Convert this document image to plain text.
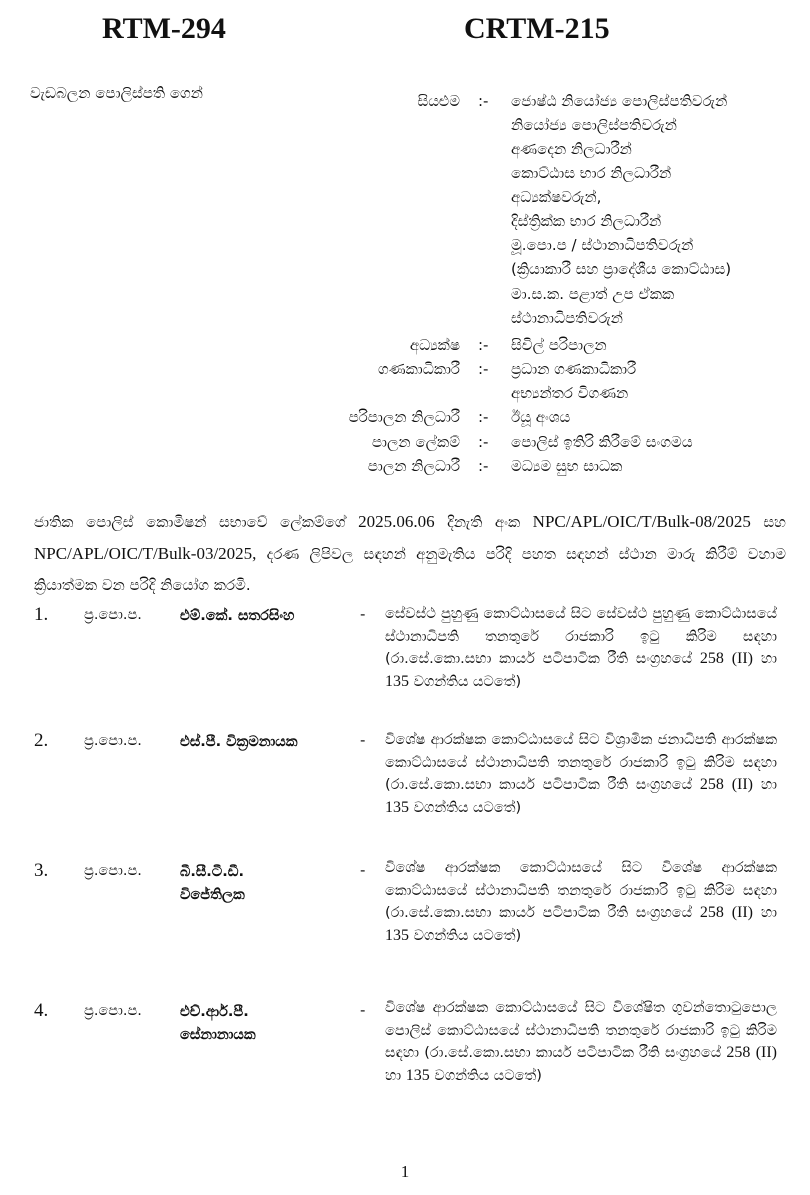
RTM-294	CRTM-215
වැඩබලන පොලිස්පති ගෙන්	සියළුම :- ජොෂ්ඨ නියෝජ්‍ය පොලිස්පතිවරුන්
නියෝජ්‍ය පොලිස්පතිවරුන්
අණදෙන නිලධාරීන්
කොට්ඨාස භාර නිලධාරීන්
අධ්‍යක්ෂවරුන්,
දිස්ත්‍රික්ක භාර නිලධාරීන්
මූ.පො.ප / ස්ථානාධිපතිවරුන්
(ක්‍රියාකාරී සහ ප්‍රාදේශීය කොට්ඨාස)
මා.ස.ක. පළාත් උප ඒකක
ස්ථානාධිපතිවරුන්
අධ්‍යක්ෂ :- සිවිල් පරිපාලන
ගණකාධිකාරී :- ප්‍රධාන ගණකාධිකාරී
අභ්‍යන්තර විගණන
පරිපාලන නිලධාරී :- ඊයූ අංශය
පාලන ලේකම් :- පොලිස් ඉතිරි කිරීමේ සංගමය
පාලන නිලධාරී :- මධ්‍යම සුභ සාධක
ජාතික පොලිස් කොමිෂන් සභාවේ ලේකම්ගේ 2025.06.06 දිනැති අංක NPC/APL/OIC/T/Bulk-08/2025 සහ NPC/APL/OIC/T/Bulk-03/2025, දරණ ලිපිවල සඳහන් අනුමැතිය පරිදි පහත සඳහන් ස්ථාන මාරු කිරීම් වහාම ක්‍රියාත්මක වන පරිදි නියෝග කරමි.
1. ප්‍ර.පො.ප.	එම්.කේ. සතරසිංහ	- සේවස්ථ පුහුණු කොට්ඨාසයේ සිට සේවස්ථ පුහුණු කොට්ඨාසයේ ස්ථානාධිපති තනතුරේ රාජකාරි ඉටු කිරිම සඳහා (රා.සේ.කො.සභා කාර්ය පටිපාටික රීති සංග්‍රහයේ 258 (II) හා 135 වගන්තිය යටතේ)
2. ප්‍ර.පො.ප.	එස්.පී. වික්‍රමනායක	- විශේෂ ආරක්ෂක කොට්ඨාසයේ සිට විශ්‍රාමික ජනාධිපති ආරක්ෂක කොට්ඨාසයේ ස්ථානාධිපති තනතුරේ රාජකාරි ඉටු කිරිම සඳහා (රා.සේ.කො.සභා කාර්ය පටිපාටික රීති සංග්‍රහයේ 258 (II) හා 135 වගන්තිය යටතේ)
3. ප්‍ර.පො.ප.	බී.සී.ටී.ඩී.
විජේතිලක
- විශේෂ ආරක්ෂක කොට්ඨාසයේ සිට විශේෂ ආරක්ෂක කොට්ඨාසයේ ස්ථානාධිපති තනතුරේ රාජකාරි ඉටු කිරිම සඳහා (රා.සේ.කො.සභා කාර්ය පටිපාටික රීති සංග්‍රහයේ 258 (II) හා 135 වගන්තිය යටතේ)
4. ප්‍ර.පො.ප.	එච්.ආර්.පී.
සේනානායක
- විශේෂ ආරක්ෂක කොට්ඨාසයේ සිට විශේෂිත ගුවන්තොටුපොල පොලිස් කොට්ඨාසයේ ස්ථානාධිපති තනතුරේ රාජකාරි ඉටු කිරිම සඳහා (රා.සේ.කො.සභා කාර්ය පටිපාටික රීති සංග්‍රහයේ 258 (II) හා 135 වගන්තිය යටතේ)
1
